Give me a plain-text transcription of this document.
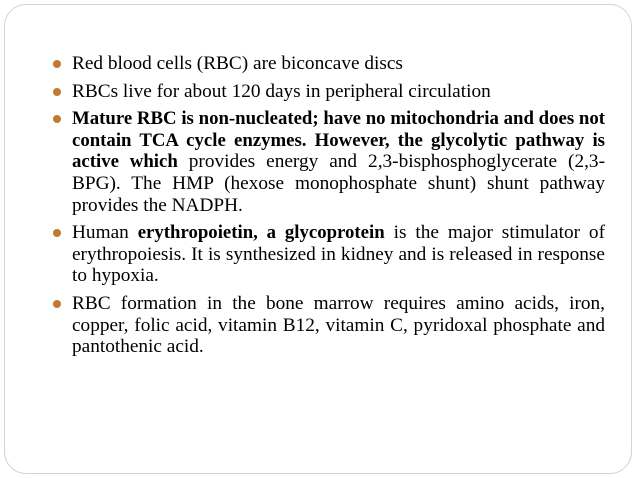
Red blood cells (RBC) are biconcave discs
RBCs live for about 120 days in peripheral circulation
Mature RBC is non-nucleated; have no mitochondria and does not contain TCA cycle enzymes. However, the glycolytic pathway is active which provides energy and 2,3-bisphosphoglycerate (2,3-BPG). The HMP (hexose monophosphate shunt) shunt pathway provides the NADPH.
Human erythropoietin, a glycoprotein is the major stimulator of erythropoiesis. It is synthesized in kidney and is released in response to hypoxia.
RBC formation in the bone marrow requires amino acids, iron, copper, folic acid, vitamin B12, vitamin C, pyridoxal phosphate and pantothenic acid.
